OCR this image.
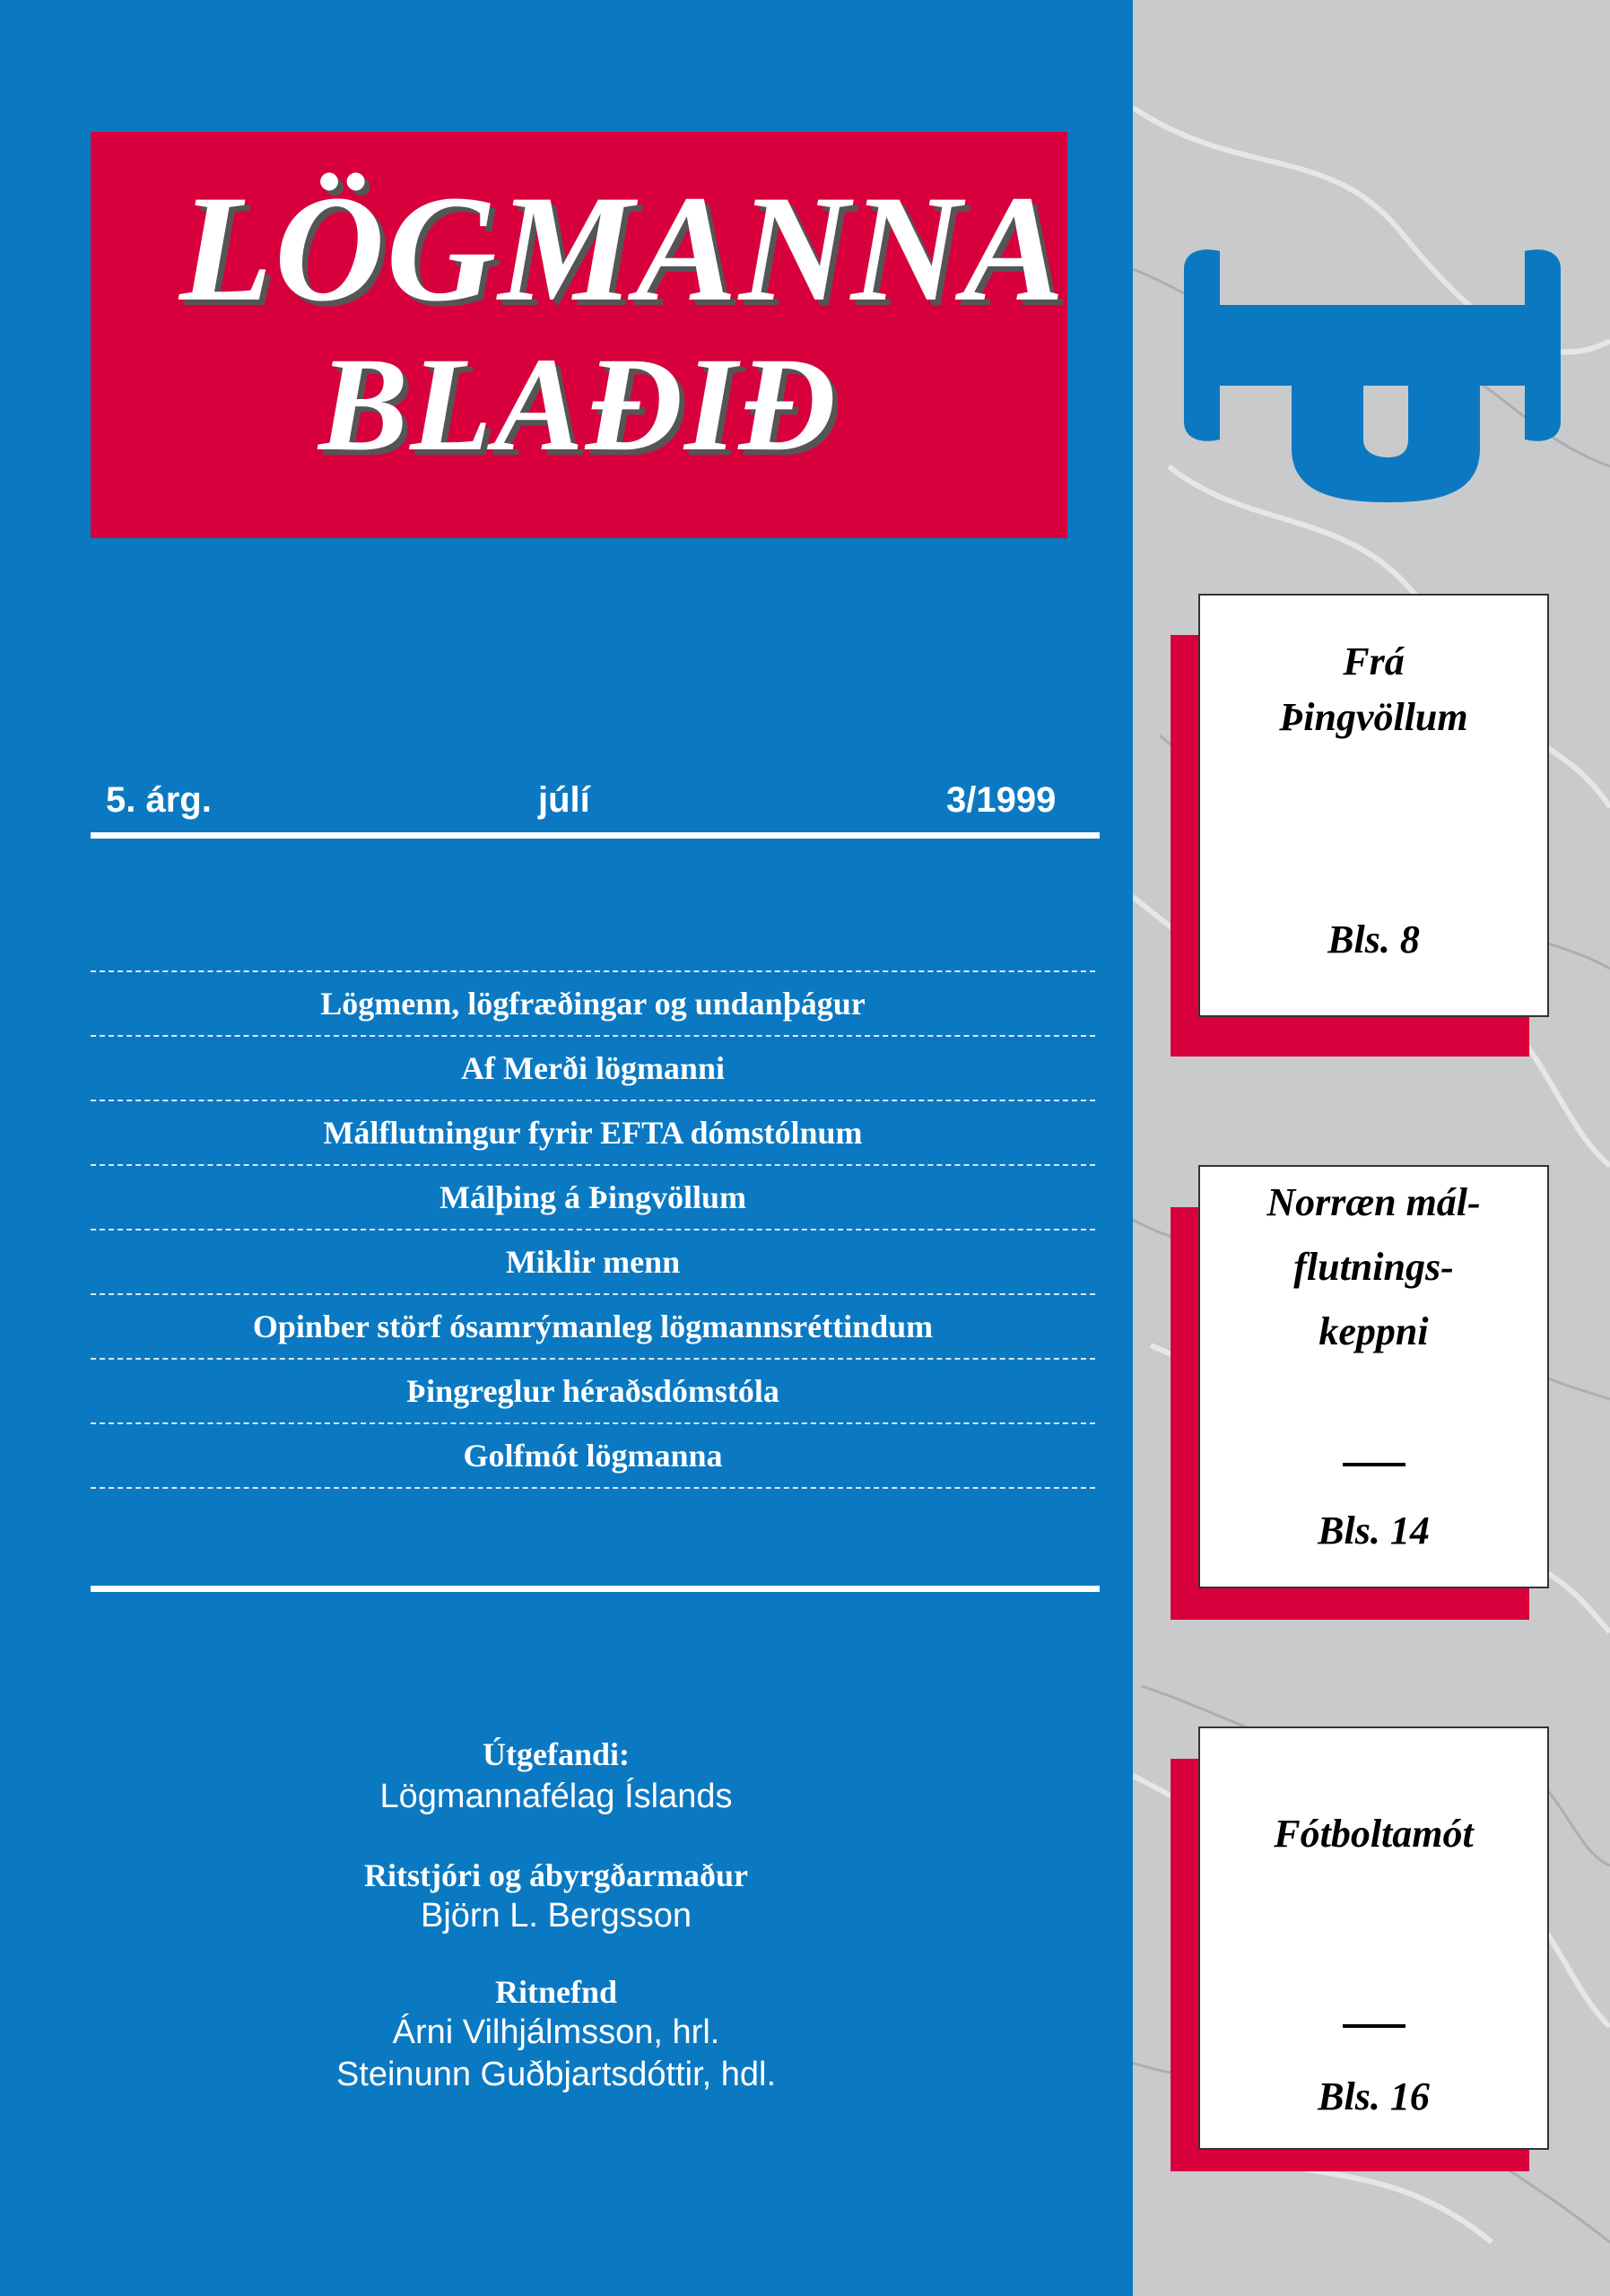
LÖGMANNA
BLAÐIÐ
5. árg.	júlí	3/1999
Lögmenn, lögfræðingar og undanþágur
Af Merði lögmanni
Málflutningur fyrir EFTA dómstólnum
Málþing á Þingvöllum
Miklir menn
Opinber störf ósamrýmanleg lögmannsréttindum
Þingreglur héraðsdómstóla
Golfmót lögmanna
Útgefandi:
Lögmannafélag Íslands
Ritstjóri og ábyrgðarmaður
Björn L. Bergsson
Ritnefnd
Árni Vilhjálmsson, hrl.
Steinunn Guðbjartsdóttir, hdl.
Frá
Þingvöllum
Bls. 8
Norræn mál-
flutnings-
keppni
Bls. 14
Fótboltamót
Bls. 16
